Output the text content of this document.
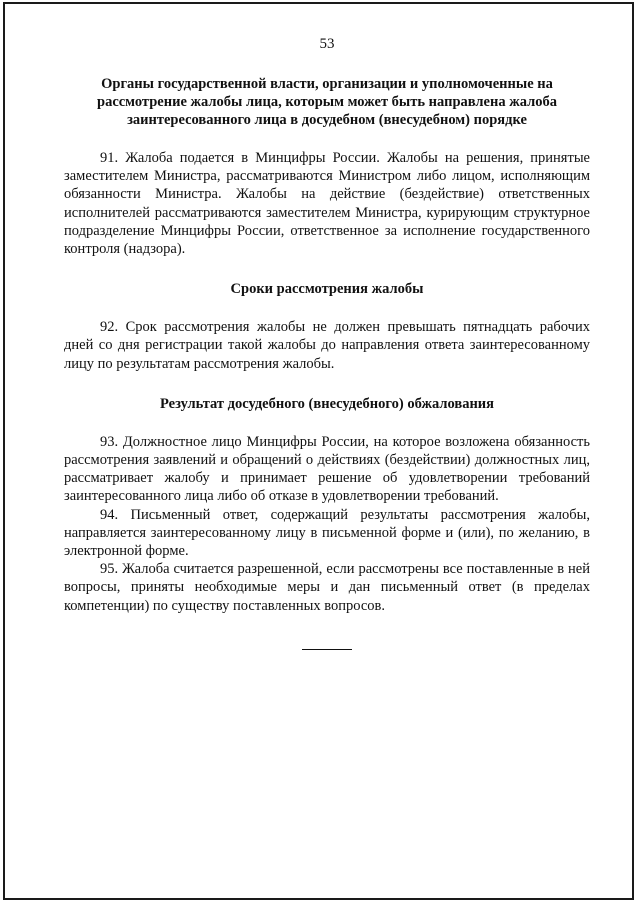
53
Органы государственной власти, организации и уполномоченные на рассмотрение жалобы лица, которым может быть направлена жалоба заинтересованного лица в досудебном (внесудебном) порядке

91. Жалоба подается в Минцифры России. Жалобы на решения, принятые заместителем Министра, рассматриваются Министром либо лицом, исполняющим обязанности Министра. Жалобы на действие (бездействие) ответственных исполнителей рассматриваются заместителем Министра, курирующим структурное подразделение Минцифры России, ответственное за исполнение государственного контроля (надзора).

Сроки рассмотрения жалобы

92. Срок рассмотрения жалобы не должен превышать пятнадцать рабочих дней со дня регистрации такой жалобы до направления ответа заинтересованному лицу по результатам рассмотрения жалобы.

Результат досудебного (внесудебного) обжалования

93. Должностное лицо Минцифры России, на которое возложена обязанность рассмотрения заявлений и обращений о действиях (бездействии) должностных лиц, рассматривает жалобу и принимает решение об удовлетворении требований заинтересованного лица либо об отказе в удовлетворении требований.

94. Письменный ответ, содержащий результаты рассмотрения жалобы, направляется заинтересованному лицу в письменной форме и (или), по желанию, в электронной форме.

95. Жалоба считается разрешенной, если рассмотрены все поставленные в ней вопросы, приняты необходимые меры и дан письменный ответ (в пределах компетенции) по существу поставленных вопросов.
